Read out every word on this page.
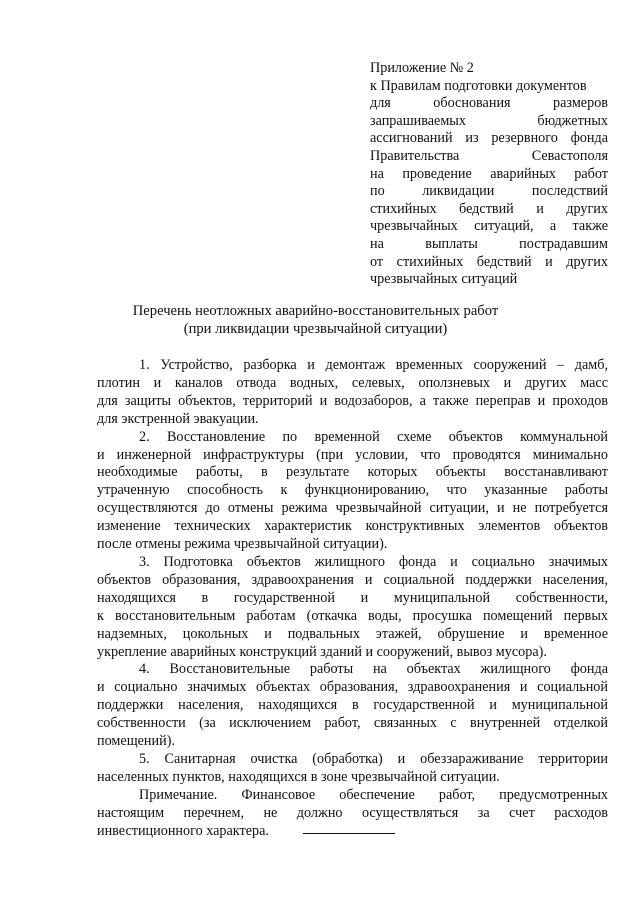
Приложение № 2
к Правилам подготовки документов
для обоснования размеров
запрашиваемых бюджетных
ассигнований из резервного фонда
Правительства Севастополя
на проведение аварийных работ
по ликвидации последствий
стихийных бедствий и других
чрезвычайных ситуаций, а также
на выплаты пострадавшим
от стихийных бедствий и других
чрезвычайных ситуаций
Перечень неотложных аварийно-восстановительных работ
(при ликвидации чрезвычайной ситуации)
1. Устройство, разборка и демонтаж временных сооружений – дамб,
плотин и каналов отвода водных, селевых, оползневых и других масс
для защиты объектов, территорий и водозаборов, а также переправ и проходов
для экстренной эвакуации.
2. Восстановление по временной схеме объектов коммунальной
и инженерной инфраструктуры (при условии, что проводятся минимально
необходимые работы, в результате которых объекты восстанавливают
утраченную способность к функционированию, что указанные работы
осуществляются до отмены режима чрезвычайной ситуации, и не потребуется
изменение технических характеристик конструктивных элементов объектов
после отмены режима чрезвычайной ситуации).
3. Подготовка объектов жилищного фонда и социально значимых
объектов образования, здравоохранения и социальной поддержки населения,
находящихся в государственной и муниципальной собственности,
к восстановительным работам (откачка воды, просушка помещений первых
надземных, цокольных и подвальных этажей, обрушение и временное
укрепление аварийных конструкций зданий и сооружений, вывоз мусора).
4. Восстановительные работы на объектах жилищного фонда
и социально значимых объектах образования, здравоохранения и социальной
поддержки населения, находящихся в государственной и муниципальной
собственности (за исключением работ, связанных с внутренней отделкой
помещений).
5. Санитарная очистка (обработка) и обеззараживание территории
населенных пунктов, находящихся в зоне чрезвычайной ситуации.
Примечание. Финансовое обеспечение работ, предусмотренных
настоящим перечнем, не должно осуществляться за счет расходов
инвестиционного характера.
